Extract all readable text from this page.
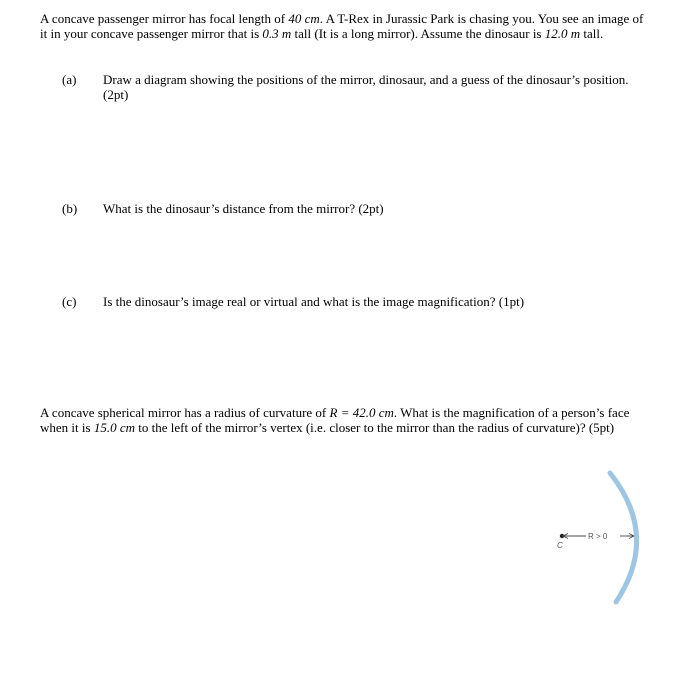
A concave passenger mirror has focal length of 40 cm. A T-Rex in Jurassic Park is chasing you. You see an image of it in your concave passenger mirror that is 0.3 m tall (It is a long mirror). Assume the dinosaur is 12.0 m tall.
(a) Draw a diagram showing the positions of the mirror, dinosaur, and a guess of the dinosaur’s position. (2pt)
(b) What is the dinosaur’s distance from the mirror? (2pt)
(c) Is the dinosaur’s image real or virtual and what is the image magnification? (1pt)
A concave spherical mirror has a radius of curvature of R = 42.0 cm. What is the magnification of a person’s face when it is 15.0 cm to the left of the mirror’s vertex (i.e. closer to the mirror than the radius of curvature)? (5pt)
R > 0
C
